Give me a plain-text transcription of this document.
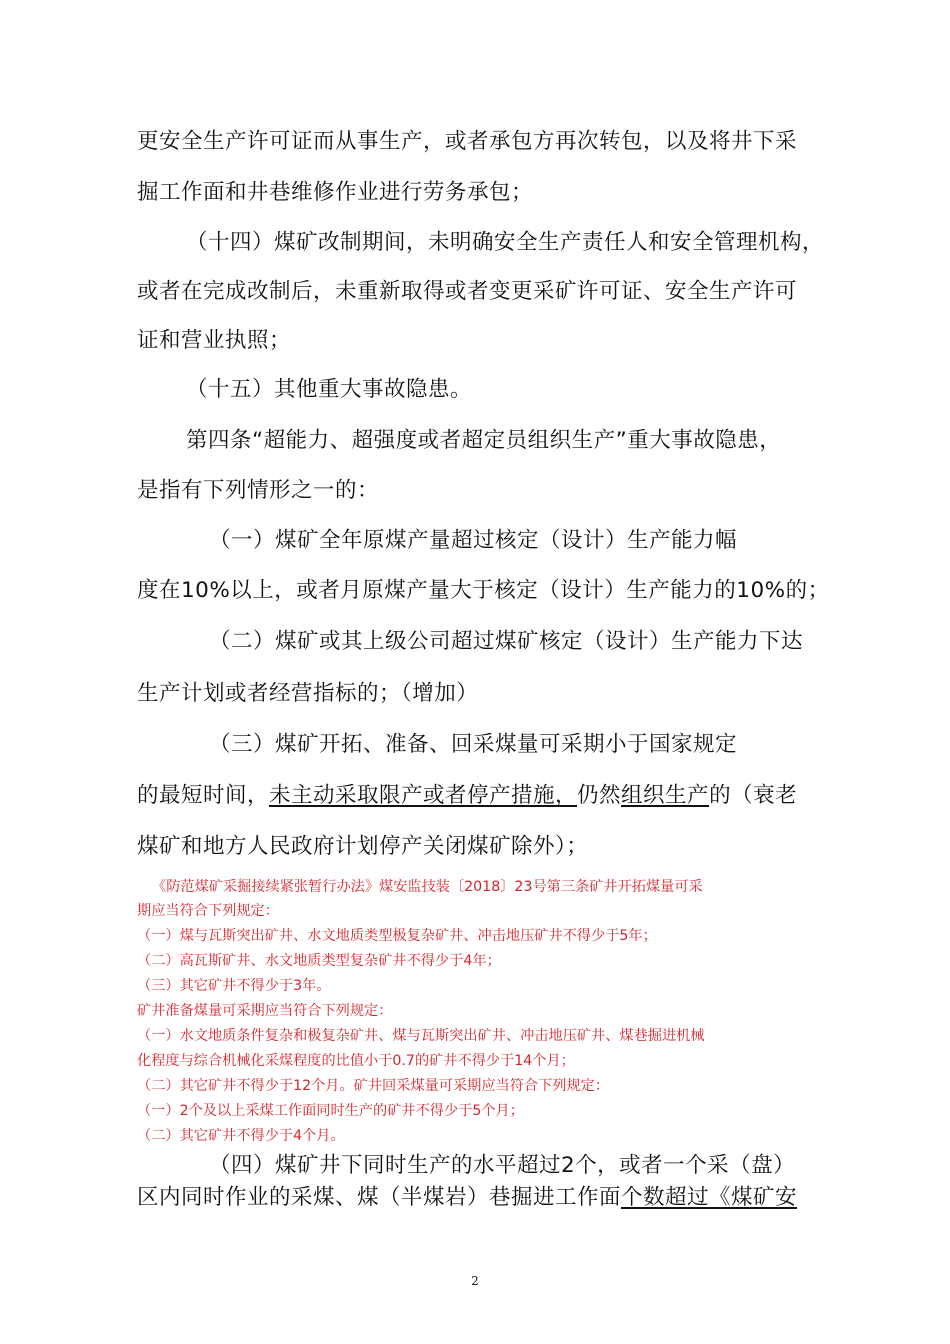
更安全生产许可证而从事生产，或者承包方再次转包，以及将井下采
掘工作面和井巷维修作业进行劳务承包；
（十四）煤矿改制期间，未明确安全生产责任人和安全管理机构，
或者在完成改制后，未重新取得或者变更采矿许可证、安全生产许可
证和营业执照；
（十五）其他重大事故隐患。
第四条“超能力、超强度或者超定员组织生产”重大事故隐患，
是指有下列情形之一的：
（一）煤矿全年原煤产量超过核定（设计）生产能力幅
度在10%以上，或者月原煤产量大于核定（设计）生产能力的10%的；
（二）煤矿或其上级公司超过煤矿核定（设计）生产能力下达
生产计划或者经营指标的；（增加）
（三）煤矿开拓、准备、回采煤量可采期小于国家规定
的最短时间，未主动采取限产或者停产措施，仍然组织生产的（衰老
煤矿和地方人民政府计划停产关闭煤矿除外）；
《防范煤矿采掘接续紧张暂行办法》煤安监技装〔2018〕23号第三条矿井开拓煤量可采
期应当符合下列规定：
（一）煤与瓦斯突出矿井、水文地质类型极复杂矿井、冲击地压矿井不得少于5年；
（二）高瓦斯矿井、水文地质类型复杂矿井不得少于4年；
（三）其它矿井不得少于3年。
矿井准备煤量可采期应当符合下列规定：
（一）水文地质条件复杂和极复杂矿井、煤与瓦斯突出矿井、冲击地压矿井、煤巷掘进机械
化程度与综合机械化采煤程度的比值小于0.7的矿井不得少于14个月；
（二）其它矿井不得少于12个月。矿井回采煤量可采期应当符合下列规定：
（一）2个及以上采煤工作面同时生产的矿井不得少于5个月；
（二）其它矿井不得少于4个月。
（四）煤矿井下同时生产的水平超过2个，或者一个采（盘）
区内同时作业的采煤、煤（半煤岩）巷掘进工作面个数超过《煤矿安
2
